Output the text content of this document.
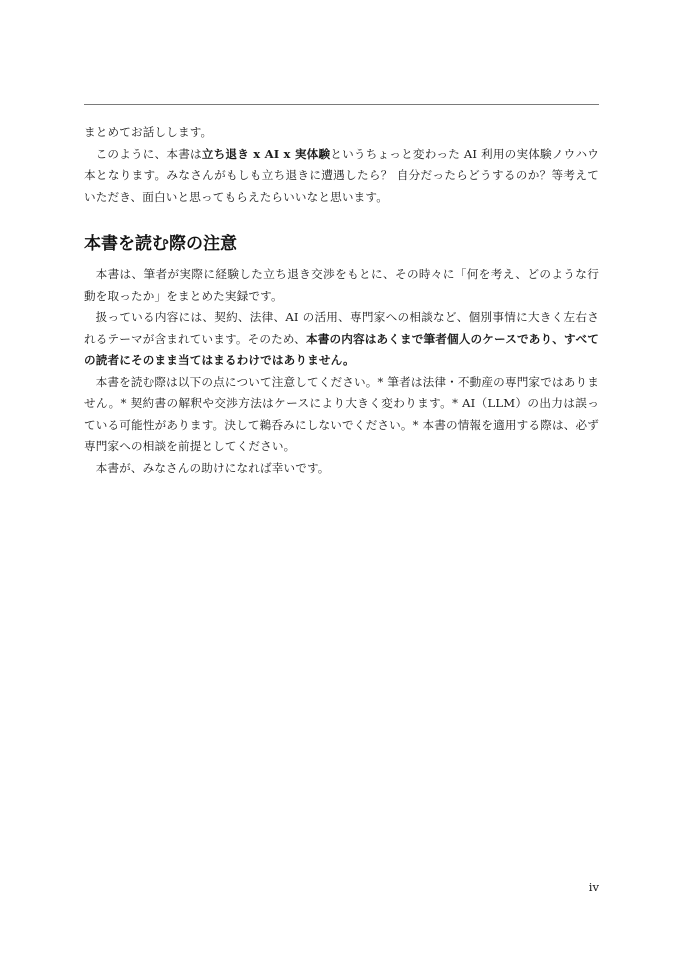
まとめてお話しします。

このように、本書は立ち退き x AI x 実体験というちょっと変わった AI 利用の実体験ノウハウ本となります。みなさんがもしも立ち退きに遭遇したら？ 自分だったらどうするのか？等考えていただき、面白いと思ってもらえたらいいなと思います。

本書を読む際の注意

本書は、筆者が実際に経験した立ち退き交渉をもとに、その時々に「何を考え、どのような行動を取ったか」をまとめた実録です。

扱っている内容には、契約、法律、AI の活用、専門家への相談など、個別事情に大きく左右されるテーマが含まれています。そのため、本書の内容はあくまで筆者個人のケースであり、すべての読者にそのまま当てはまるわけではありません。

本書を読む際は以下の点について注意してください。* 筆者は法律・不動産の専門家ではありません。* 契約書の解釈や交渉方法はケースにより大きく変わります。* AI（LLM）の出力は誤っている可能性があります。決して鵜呑みにしないでください。* 本書の情報を適用する際は、必ず専門家への相談を前提としてください。

本書が、みなさんの助けになれば幸いです。

iv
